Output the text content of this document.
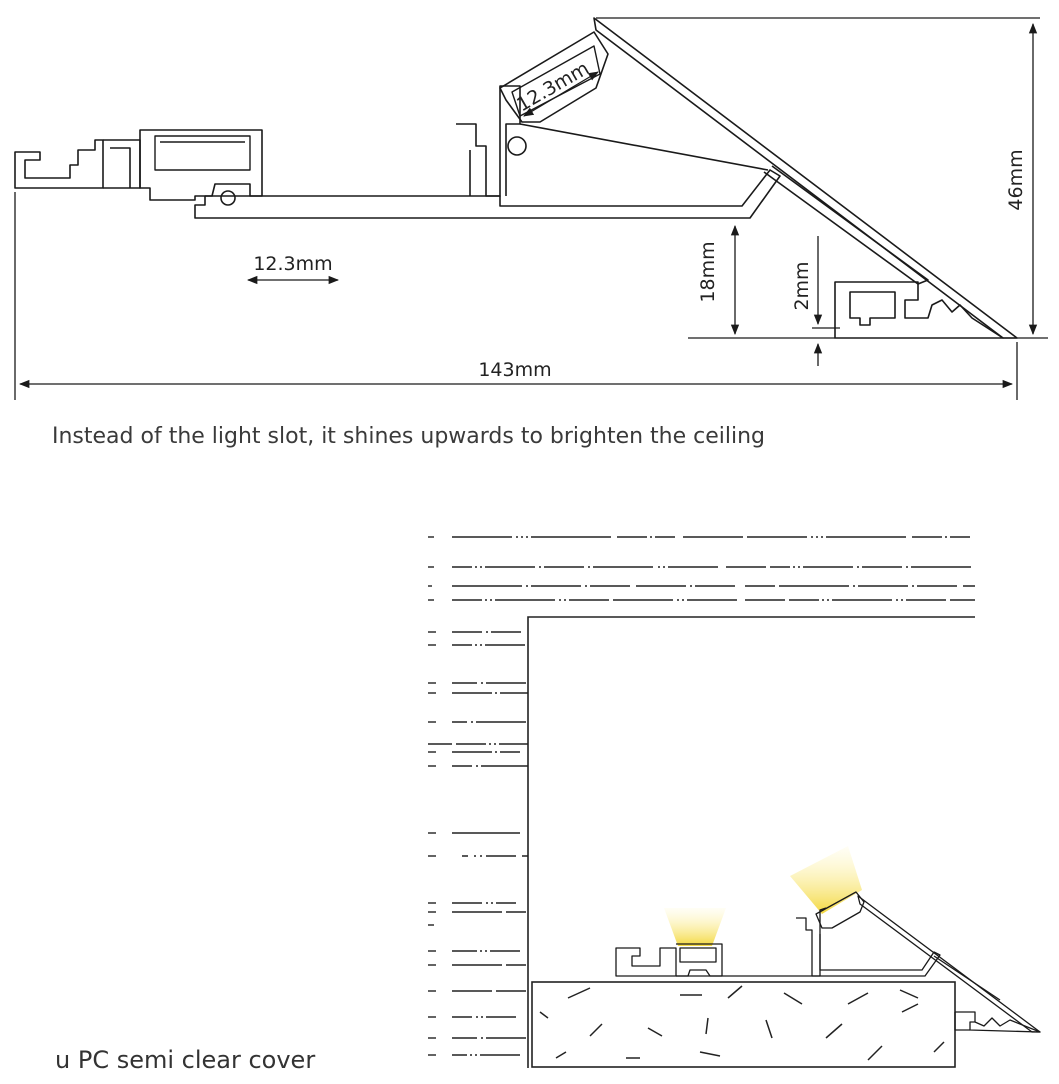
46mm
143mm
18mm	2mm
12.3mm
12.3mm
Instead of the light slot, it shines upwards to brighten the ceiling
u PC semi clear cover
